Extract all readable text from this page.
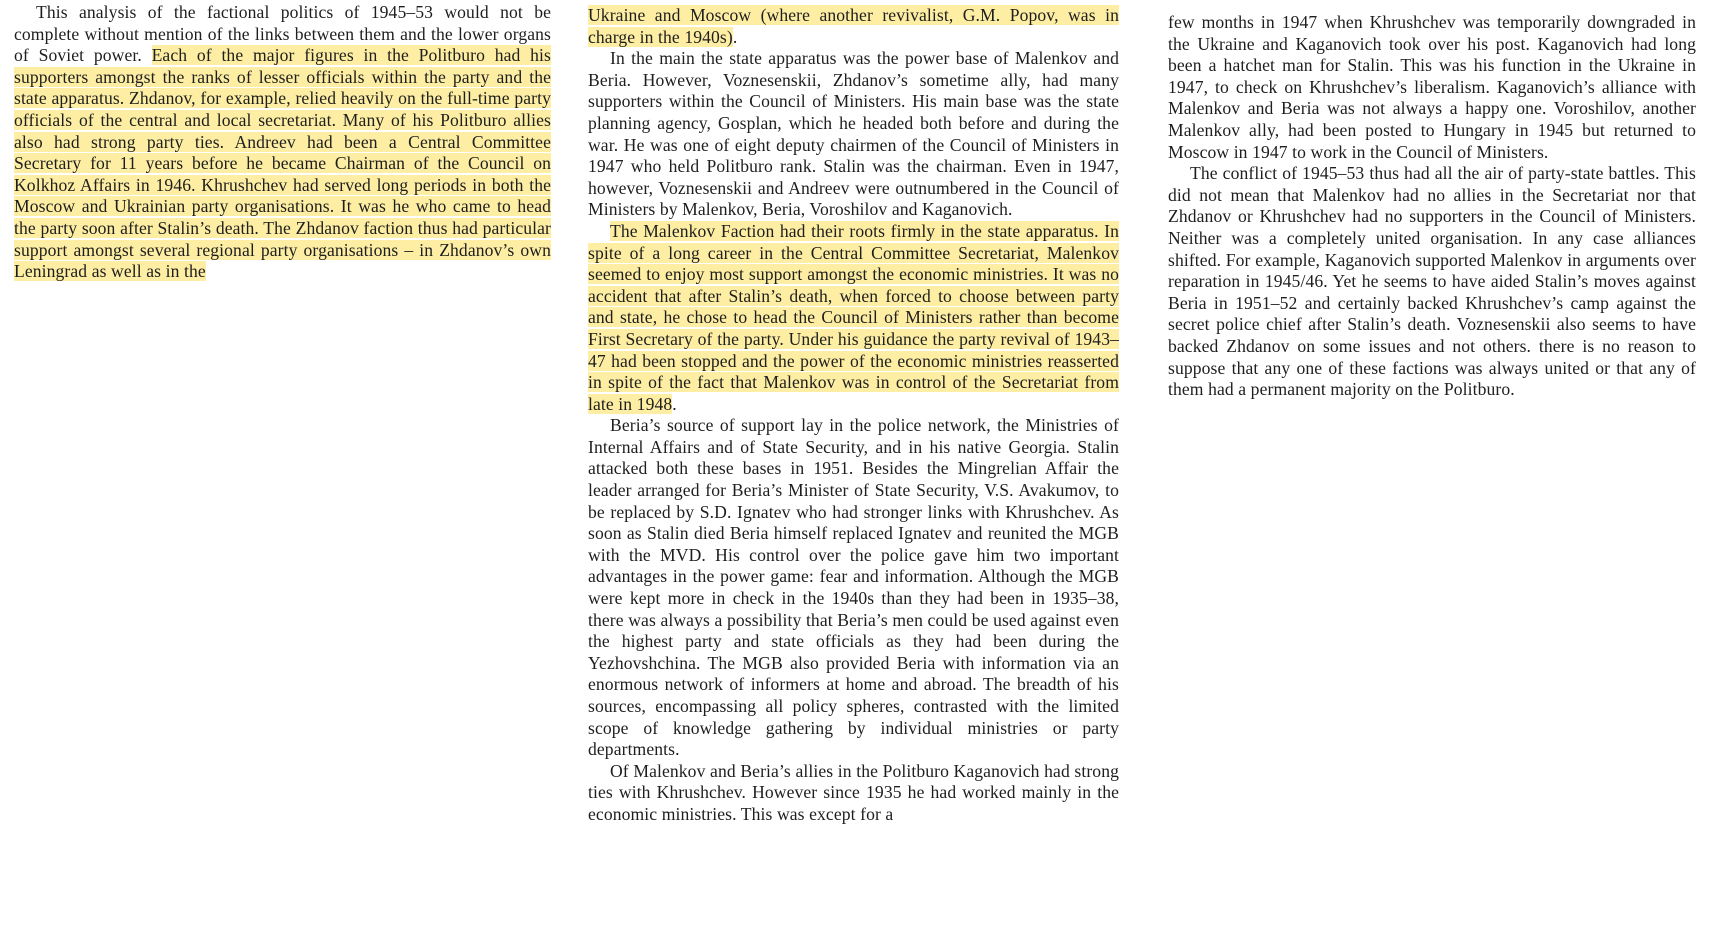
This analysis of the factional politics of 1945–53 would not be complete without mention of the links between them and the lower organs of Soviet power. Each of the major figures in the Politburo had his supporters amongst the ranks of lesser officials within the party and the state apparatus. Zhdanov, for example, relied heavily on the full-time party officials of the central and local secretariat. Many of his Politburo allies also had strong party ties. Andreev had been a Central Committee Secretary for 11 years before he became Chairman of the Council on Kolkhoz Affairs in 1946. Khrushchev had served long periods in both the Moscow and Ukrainian party organisations. It was he who came to head the party soon after Stalin’s death. The Zhdanov faction thus had particular support amongst several regional party organisations – in Zhdanov’s own Leningrad as well as in the

Ukraine and Moscow (where another revivalist, G.M. Popov, was in charge in the 1940s).

In the main the state apparatus was the power base of Malenkov and Beria. However, Voznesenskii, Zhdanov’s sometime ally, had many supporters within the Council of Ministers. His main base was the state planning agency, Gosplan, which he headed both before and during the war. He was one of eight deputy chairmen of the Council of Ministers in 1947 who held Politburo rank. Stalin was the chairman. Even in 1947, however, Voznesenskii and Andreev were outnumbered in the Council of Ministers by Malenkov, Beria, Voroshilov and Kaganovich.

The Malenkov Faction had their roots firmly in the state apparatus. In spite of a long career in the Central Committee Secretariat, Malenkov seemed to enjoy most support amongst the economic ministries. It was no accident that after Stalin’s death, when forced to choose between party and state, he chose to head the Council of Ministers rather than become First Secretary of the party. Under his guidance the party revival of 1943–47 had been stopped and the power of the economic ministries reasserted in spite of the fact that Malenkov was in control of the Secretariat from late in 1948.

Beria’s source of support lay in the police network, the Ministries of Internal Affairs and of State Security, and in his native Georgia. Stalin attacked both these bases in 1951. Besides the Mingrelian Affair the leader arranged for Beria’s Minister of State Security, V.S. Avakumov, to be replaced by S.D. Ignatev who had stronger links with Khrushchev. As soon as Stalin died Beria himself replaced Ignatev and reunited the MGB with the MVD. His control over the police gave him two important advantages in the power game: fear and information. Although the MGB were kept more in check in the 1940s than they had been in 1935–38, there was always a possibility that Beria’s men could be used against even the highest party and state officials as they had been during the Yezhovshchina. The MGB also provided Beria with information via an enormous network of informers at home and abroad. The breadth of his sources, encompassing all policy spheres, contrasted with the limited scope of knowledge gathering by individual ministries or party departments.

Of Malenkov and Beria’s allies in the Politburo Kaganovich had strong ties with Khrushchev. However since 1935 he had worked mainly in the economic ministries. This was except for a

few months in 1947 when Khrushchev was temporarily downgraded in the Ukraine and Kaganovich took over his post. Kaganovich had long been a hatchet man for Stalin. This was his function in the Ukraine in 1947, to check on Khrushchev’s liberalism. Kaganovich’s alliance with Malenkov and Beria was not always a happy one. Voroshilov, another Malenkov ally, had been posted to Hungary in 1945 but returned to Moscow in 1947 to work in the Council of Ministers.

The conflict of 1945–53 thus had all the air of party-state battles. This did not mean that Malenkov had no allies in the Secretariat nor that Zhdanov or Khrushchev had no supporters in the Council of Ministers. Neither was a completely united organisation. In any case alliances shifted. For example, Kaganovich supported Malenkov in arguments over reparation in 1945/46. Yet he seems to have aided Stalin’s moves against Beria in 1951–52 and certainly backed Khrushchev’s camp against the secret police chief after Stalin’s death. Voznesenskii also seems to have backed Zhdanov on some issues and not others. there is no reason to suppose that any one of these factions was always united or that any of them had a permanent majority on the Politburo.
